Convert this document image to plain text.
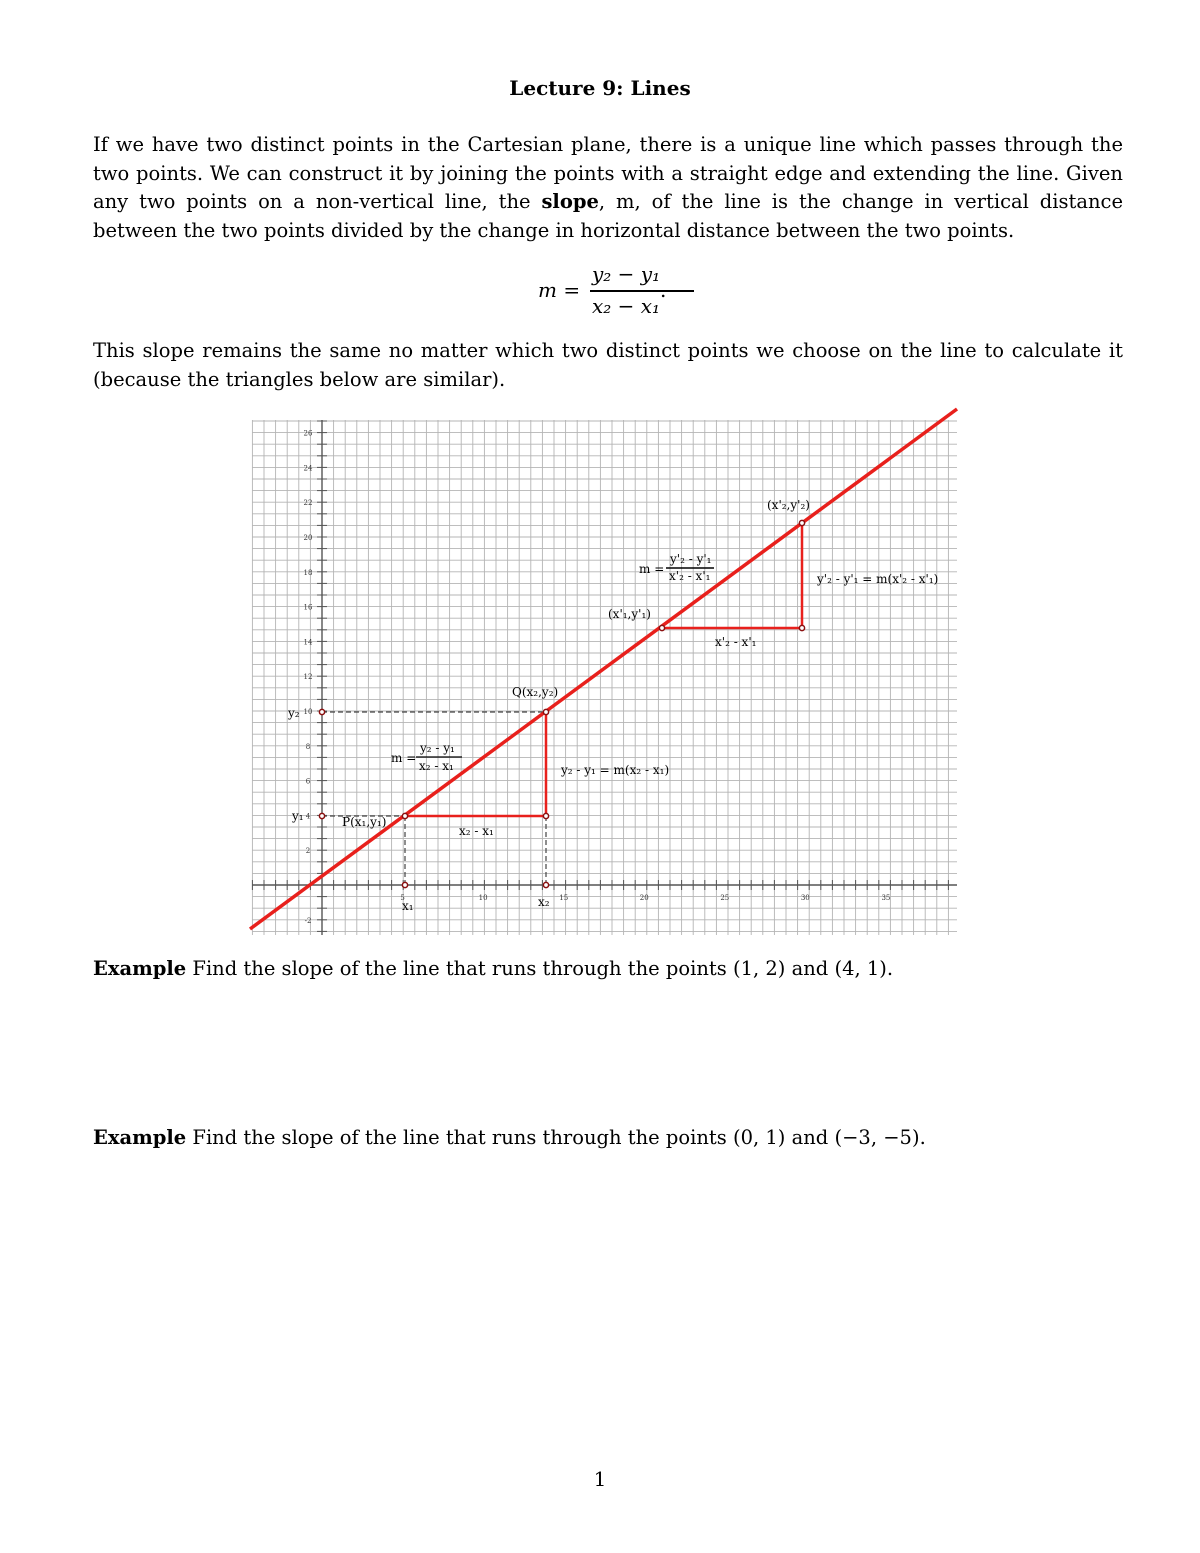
Lecture 9: Lines
If we have two distinct points in the Cartesian plane, there is a unique line which passes through the two points. We can construct it by joining the points with a straight edge and extending the line. Given any two points on a non-vertical line, the slope, m, of the line is the change in vertical distance between the two points divided by the change in horizontal distance between the two points.
m =
y₂ − y₁
x₂ − x₁
.
This slope remains the same no matter which two distinct points we choose on the line to calculate it (because the triangles below are similar).
5	10	15	20	25	30	35
-2
2
4
6
8
10
12
14
16
18
20
22
24
26
Q(x₂,y₂)
P(x₁,y₁)
(x'₁,y'₁)
(x'₂,y'₂)
y₂
y₁
x₁	x₂
x₂ - x₁
y₂ - y₁ = m(x₂ - x₁)
m =
y₂ - y₁
x₂ - x₁
x'₂ - x'₁
y'₂ - y'₁ = m(x'₂ - x'₁)
m =
y'₂ - y'₁
x'₂ - x'₁
Example Find the slope of the line that runs through the points (1, 2) and (4, 1).
Example Find the slope of the line that runs through the points (0, 1) and (−3, −5).
1
